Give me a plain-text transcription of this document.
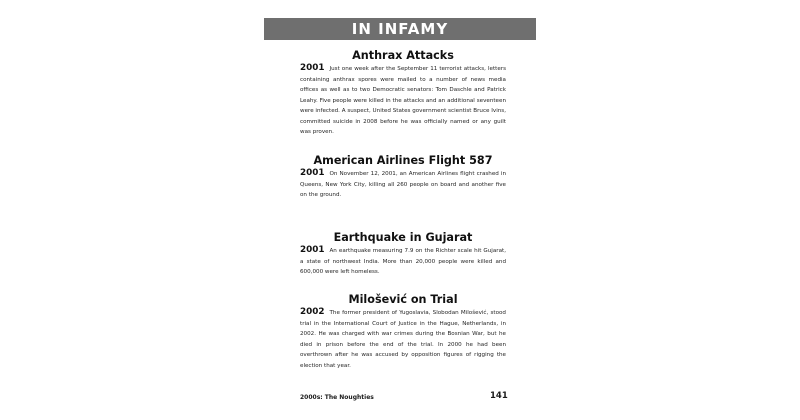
IN INFAMY
Anthrax Attacks

2001 Just one week after the September 11 terrorist attacks, letters containing anthrax spores were mailed to a number of news media offices as well as to two Democratic senators: Tom Daschle and Patrick Leahy. Five people were killed in the attacks and an additional seventeen were infected. A suspect, United States government scientist Bruce Ivins, committed suicide in 2008 before he was officially named or any guilt was proven.

American Airlines Flight 587

2001 On November 12, 2001, an American Airlines flight crashed in Queens, New York City, killing all 260 people on board and another five on the ground.

Earthquake in Gujarat

2001 An earthquake measuring 7.9 on the Richter scale hit Gujarat, a state of northwest India. More than 20,000 people were killed and 600,000 were left homeless.

Milošević on Trial

2002 The former president of Yugoslavia, Slobodan Milošević, stood trial in the International Court of Justice in the Hague, Netherlands, in 2002. He was charged with war crimes during the Bosnian War, but he died in prison before the end of the trial. In 2000 he had been overthrown after he was accused by opposition figures of rigging the election that year.

2000s: The Noughties	141
